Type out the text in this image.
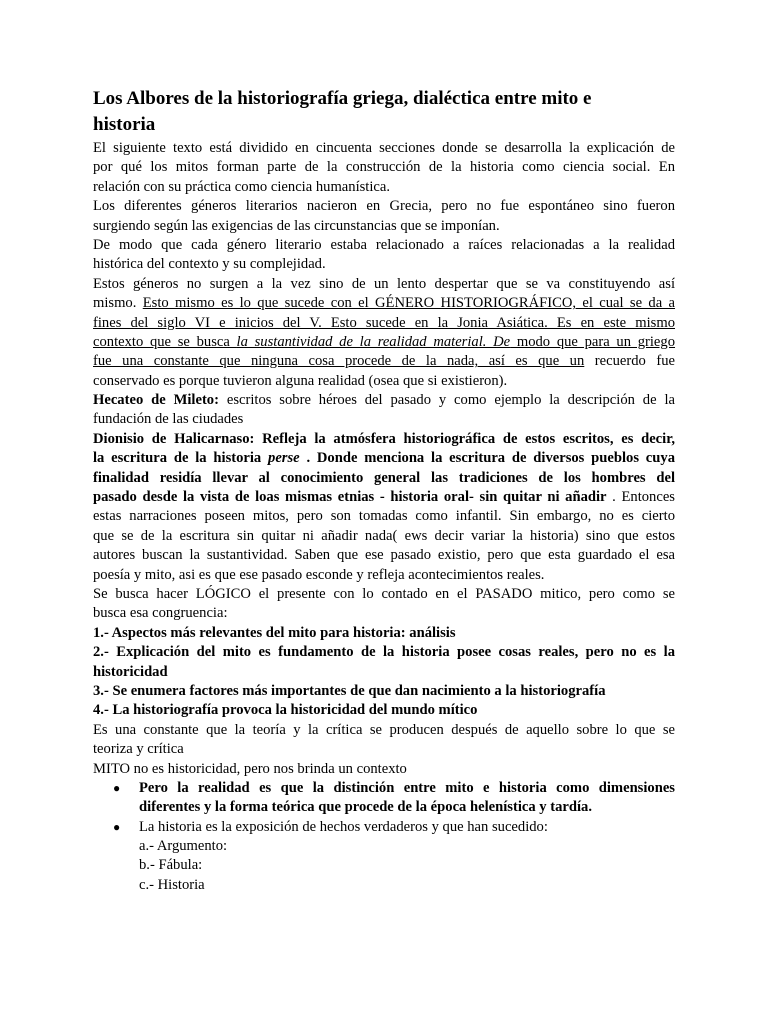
Los Albores de la historiografía griega, dialéctica entre mito e
historia
El siguiente texto está dividido en cincuenta secciones donde se desarrolla la explicación de
por qué los mitos forman parte de la construcción de la historia como ciencia social. En
relación con su práctica como ciencia humanística.
Los diferentes géneros literarios nacieron en Grecia, pero no fue espontáneo sino fueron
surgiendo según las exigencias de las circunstancias que se imponían.
De modo que cada género literario estaba relacionado a raíces relacionadas a la realidad
histórica del contexto y su complejidad.
Estos géneros no surgen a la vez sino de un lento despertar que se va constituyendo así
mismo. Esto mismo es lo que sucede con el GÉNERO HISTORIOGRÁFICO, el cual se da a
fines del siglo VI e inicios del V. Esto sucede en la Jonia Asiática. Es en este mismo
contexto que se busca la sustantividad de la realidad material. De modo que para un griego
fue una constante que ninguna cosa procede de la nada, así es que un recuerdo fue
conservado es porque tuvieron alguna realidad (osea que si existieron).
Hecateo de Mileto: escritos sobre héroes del pasado y como ejemplo la descripción de la
fundación de las ciudades
Dionisio de Halicarnaso: Refleja la atmósfera historiográfica de estos escritos, es decir,
la escritura de la historia perse . Donde menciona la escritura de diversos pueblos cuya
finalidad residía llevar al conocimiento general las tradiciones de los hombres del
pasado desde la vista de loas mismas etnias - historia oral- sin quitar ni añadir . Entonces
estas narraciones poseen mitos, pero son tomadas como infantil. Sin embargo, no es cierto
que se de la escritura sin quitar ni añadir nada( ews decir variar la historia) sino que estos
autores buscan la sustantividad. Saben que ese pasado existio, pero que esta guardado el esa
poesía y mito, asi es que ese pasado esconde y refleja acontecimientos reales.
Se busca hacer LÓGICO el presente con lo contado en el PASADO mitico, pero como se
busca esa congruencia:
1.- Aspectos más relevantes del mito para historia: análisis
2.- Explicación del mito es fundamento de la historia posee cosas reales, pero no es la
historicidad
3.- Se enumera factores más importantes de que dan nacimiento a la historiografía
4.- La historiografía provoca la historicidad del mundo mítico
Es una constante que la teoría y la crítica se producen después de aquello sobre lo que se
teoriza y crítica
MITO no es historicidad, pero nos brinda un contexto
● Pero la realidad es que la distinción entre mito e historia como dimensiones
diferentes y la forma teórica que procede de la época helenística y tardía.
● La historia es la exposición de hechos verdaderos y que han sucedido:
a.- Argumento:
b.- Fábula:
c.- Historia
